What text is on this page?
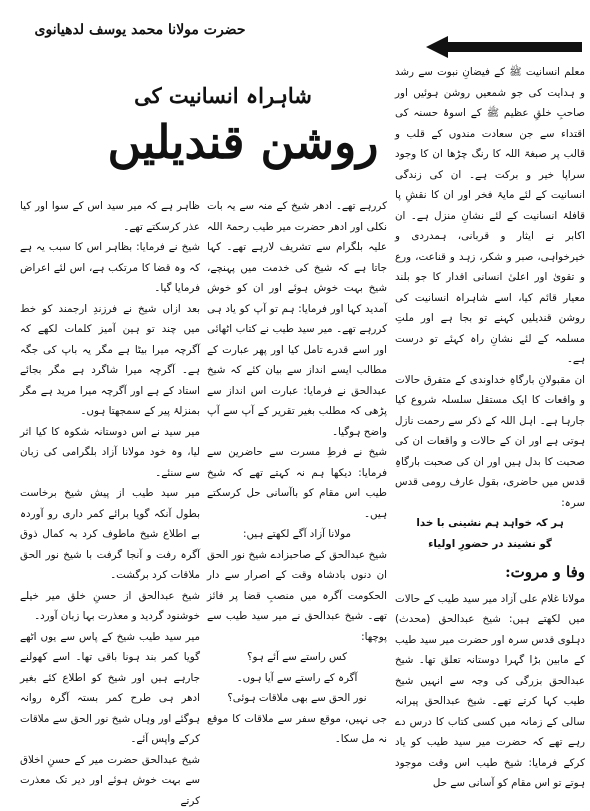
حضرت مولانا محمد یوسف لدھیانوی
شاہراہ انسانیت کی
روشن قندیلیں

معلم انسانیت ﷺ کے فیضانِ نبوت سے رشد و ہدایت کی جو شمعیں روشن ہوئیں اور صاحبِ خلقِ عظیم ﷺ کے اسوۂ حسنہ کی اقتداء سے جن سعادت مندوں کے قلب و قالب پر صبغۃ اللہ کا رنگ چڑھا ان کا وجود سراپا خیر و برکت ہے۔ ان کی زندگی انسانیت کے لئے مایۂ فخر اور ان کا نقشِ پا قافلۂ انسانیت کے لئے نشانِ منزل ہے۔ ان اکابر نے ایثار و قربانی، ہمدردی و خیرخواہی، صبر و شکر، زہد و قناعت، ورع و تقویٰ اور اعلیٰ انسانی اقدار کا جو بلند معیار قائم کیا، اسے شاہراہ انسانیت کی روشن قندیلیں کہنے تو بجا ہے اور ملتِ مسلمہ کے لئے نشانِ راہ کہئے تو درست ہے۔

ان مقبولانِ بارگاہِ خداوندی کے متفرق حالات و واقعات کا ایک مستقل سلسلہ شروع کیا جارہا ہے۔ اہل اللہ کے ذکر سے رحمت نازل ہوتی ہے اور ان کے حالات و واقعات ان کی صحبت کا بدل ہیں اور ان کی صحبت بارگاہِ قدس میں حاضری، بقول عارف رومی قدس سرہ:

ہر کہ خواہد ہم نشینی با خدا

گو نشیند در حضورِ اولیاء

وفا و مروت:

مولانا غلام علی آزاد میر سید طیب کے حالات میں لکھتے ہیں: شیخ عبدالحق (محدث) دہلوی قدس سرہ اور حضرت میر سید طیب کے مابین بڑا گہرا دوستانہ تعلق تھا۔ شیخ عبدالحق بزرگی کی وجہ سے انہیں شیخ طیب کہا کرتے تھے۔ شیخ عبدالحق پیرانہ سالی کے زمانہ میں کسی کتاب کا درس دے رہے تھے کہ حضرت میر سید طیب کو یاد کرکے فرمایا: شیخ طیب اس وقت موجود ہوتے تو اس مقام کو آسانی سے حل

کررہے تھے۔ ادھر شیخ کے منہ سے یہ بات نکلی اور ادھر حضرت میر طیب رحمۃ اللہ علیہ بلگرام سے تشریف لارہے تھے۔ کہا جاتا ہے کہ شیخ کی خدمت میں پہنچے، شیخ بہت خوش ہوئے اور ان کو خوش آمدید کہا اور فرمایا: ہم تو آپ کو یاد ہی کررہے تھے۔ میر سید طیب نے کتاب اٹھائی اور اسے قدرے تامل کیا اور پھر عبارت کے مطالب ایسے انداز سے بیان کئے کہ شیخ عبدالحق نے فرمایا: عبارت اس انداز سے پڑھی کہ مطلب بغیر تقریر کے آپ سے آپ واضح ہوگیا۔

شیخ نے فرطِ مسرت سے حاضرین سے فرمایا: دیکھا ہم نہ کہتے تھے کہ شیخ طیب اس مقام کو باآسانی حل کرسکتے ہیں۔

مولانا آزاد آگے لکھتے ہیں:

شیخ عبدالحق کے صاحبزادے شیخ نور الحق ان دنوں بادشاہ وقت کے اصرار سے دار الحکومت آگرہ میں منصبِ قضا پر فائز تھے۔ شیخ عبدالحق نے میر سید طیب سے پوچھا:

کس راستے سے آئے ہو؟

آگرہ کے راستے سے آیا ہوں۔

نور الحق سے بھی ملاقات ہوئی؟

جی نہیں، موقع سفر سے ملاقات کا موقع نہ مل سکا۔

ظاہر ہے کہ میر سید اس کے سوا اور کیا عذر کرسکتے تھے۔

شیخ نے فرمایا: بظاہر اس کا سبب یہ ہے کہ وہ قضا کا مرتکب ہے، اس لئے اعراض فرمایا گیا۔

بعد ازاں شیخ نے فرزندِ ارجمند کو خط میں چند تو ہین آمیز کلمات لکھے کہ آگرچہ میرا بیٹا ہے مگر یہ باپ کی جگہ ہے۔ آگرچہ میرا شاگرد ہے مگر بجائے استاد کے ہے اور آگرچہ میرا مرید ہے مگر بمنزلۂ پیر کے سمجھتا ہوں۔

میر سید نے اس دوستانہ شکوہ کا کیا اثر لیا، وہ خود مولانا آزاد بلگرامی کی زبان سے سنئے۔

میر سید طیب از پیش شیخ برخاست بطول آنکہ گویا برائے کمر داری رو آوردہ بے اطلاع شیخ ماطوف کرد بہ کمال ذوق آگرہ رفت و آنجا گرفت با شیخ نور الحق ملاقات کرد برگشت۔

شیخ عبدالحق از حسنِ خلق میر خیلے خوشنود گردید و معذرت بہا زبان آورد۔

میر سید طیب شیخ کے پاس سے یوں اٹھے گویا کمر بند ہونا باقی تھا۔ اسے کھولنے جارہے ہیں اور شیخ کو اطلاع کئے بغیر ادھر ہی طرح کمر بستہ آگرہ روانہ ہوگئے اور وہاں شیخ نور الحق سے ملاقات کرکے واپس آئے۔

شیخ عبدالحق حضرت میر کے حسنِ اخلاق سے بہت خوش ہوئے اور دیر تک معذرت کرتے
